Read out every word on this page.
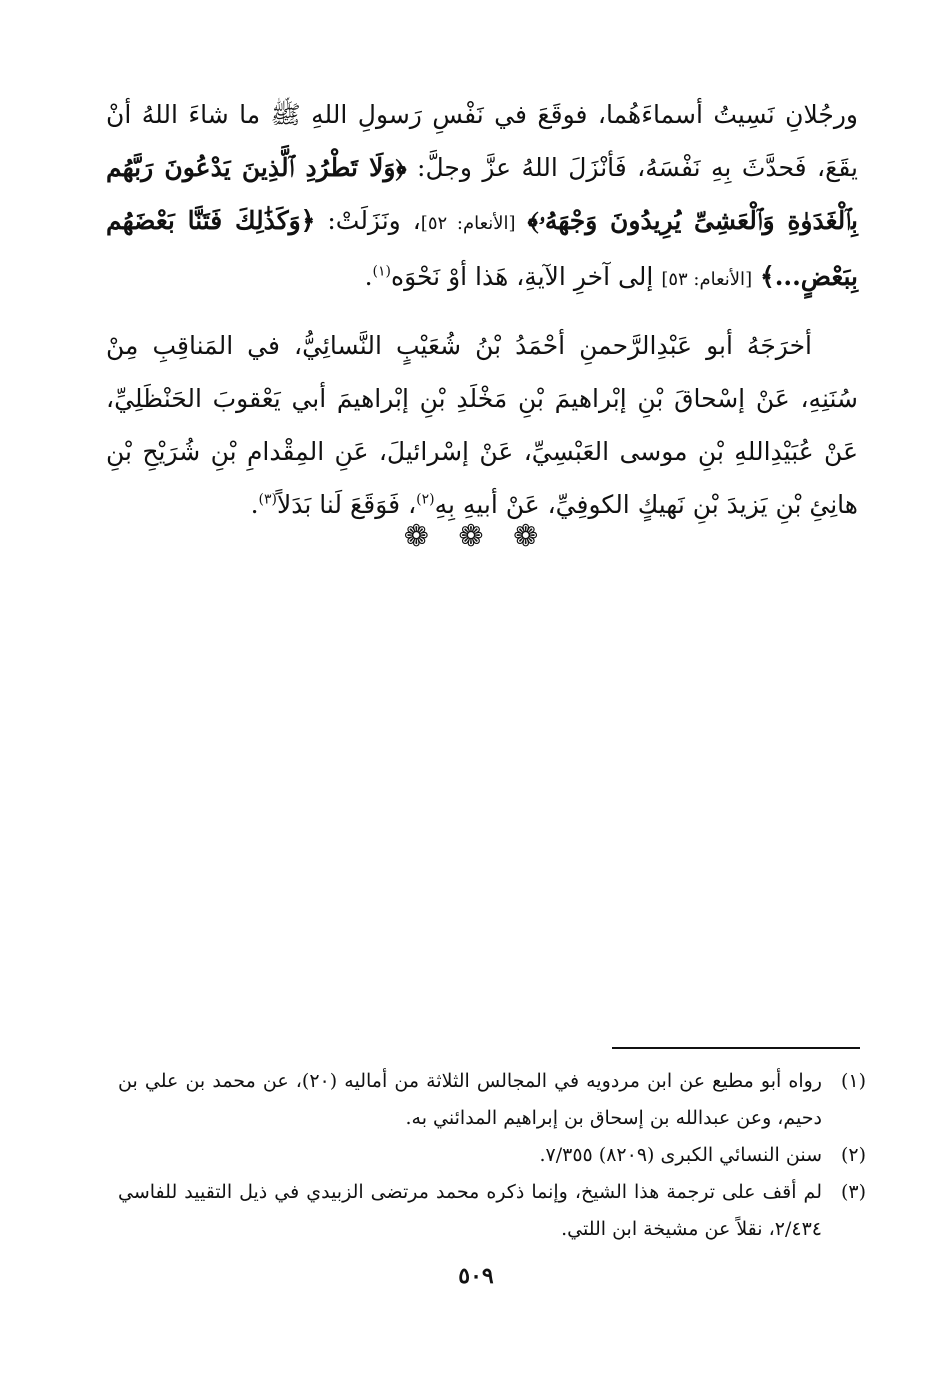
ورجُلانِ نَسِيتُ أسماءَهُما، فوقَعَ في نَفْسِ رَسولِ اللهِ ﷺ ما شاءَ اللهُ أنْ يقَعَ، فَحدَّثَ بِهِ نَفْسَهُ، فَأنْزَلَ اللهُ عزَّ وجلَّ: ﴿وَلَا تَطْرُدِ ٱلَّذِينَ يَدْعُونَ رَبَّهُم بِٱلْغَدَوٰةِ وَٱلْعَشِىِّ يُرِيدُونَ وَجْهَهُۥ﴾ [الأنعام: ٥٢]، ونَزَلَتْ: ﴿وَكَذَٰلِكَ فَتَنَّا بَعْضَهُم بِبَعْضٍ...﴾ [الأنعام: ٥٣] إلى آخرِ الآيةِ، هَذا أوْ نَحْوَه$^{(١)}$.

أخرَجَهُ أبو عَبْدِالرَّحمنِ أحْمَدُ بْنُ شُعَيْبٍ النَّسائِيُّ، في المَناقِبِ مِنْ سُنَنِهِ، عَنْ إسْحاقَ بْنِ إبْراهيمَ بْنِ مَخْلَدِ بْنِ إبْراهيمَ أبي يَعْقوبَ الحَنْظَلِيِّ، عَنْ عُبَيْدِاللهِ بْنِ موسى العَبْسِيِّ، عَنْ إسْرائيلَ، عَنِ المِقْدامِ بْنِ شُرَيْحِ بْنِ هانِئِ بْنِ يَزيدَ بْنِ نَهيكٍ الكوفِيِّ، عَنْ أبيهِ بِهِ$^{(٢)}$، فَوَقَعَ لَنا بَدَلاً$^{(٣)}$.

❁ ❁ ❁
(١)
رواه أبو مطيع عن ابن مردويه في المجالس الثلاثة من أماليه (٢٠)، عن محمد بن علي بن دحيم، وعن عبدالله بن إسحاق بن إبراهيم المدائني به.
(٢)
سنن النسائي الكبرى (٨٢٠٩) ٧/٣٥٥.
(٣)
لم أقف على ترجمة هذا الشيخ، وإنما ذكره محمد مرتضى الزبيدي في ذيل التقييد للفاسي ٢/٤٣٤، نقلاً عن مشيخة ابن اللتي.
٥٠٩
